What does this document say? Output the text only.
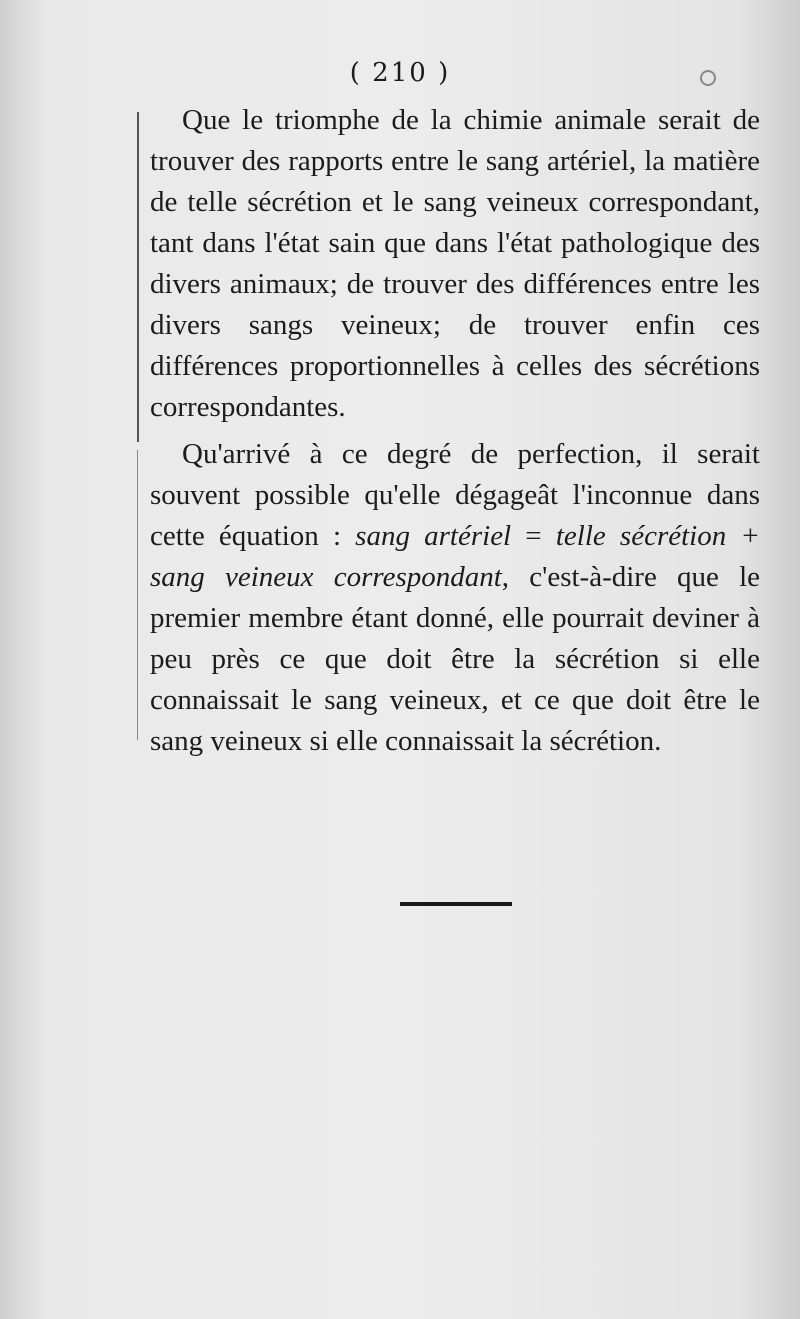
( 210 )

Que le triomphe de la chimie animale serait de trouver des rapports entre le sang artériel, la matière de telle sécrétion et le sang veineux correspondant, tant dans l'état sain que dans l'état pathologique des divers animaux; de trouver des différences entre les divers sangs veineux; de trouver enfin ces différences proportionnelles à celles des sécrétions correspondantes.

Qu'arrivé à ce degré de perfection, il serait souvent possible qu'elle dégageât l'inconnue dans cette équation : sang artériel = telle sécrétion + sang veineux correspondant, c'est-à-dire que le premier membre étant donné, elle pourrait deviner à peu près ce que doit être la sécrétion si elle connaissait le sang veineux, et ce que doit être le sang veineux si elle connaissait la sécrétion.
